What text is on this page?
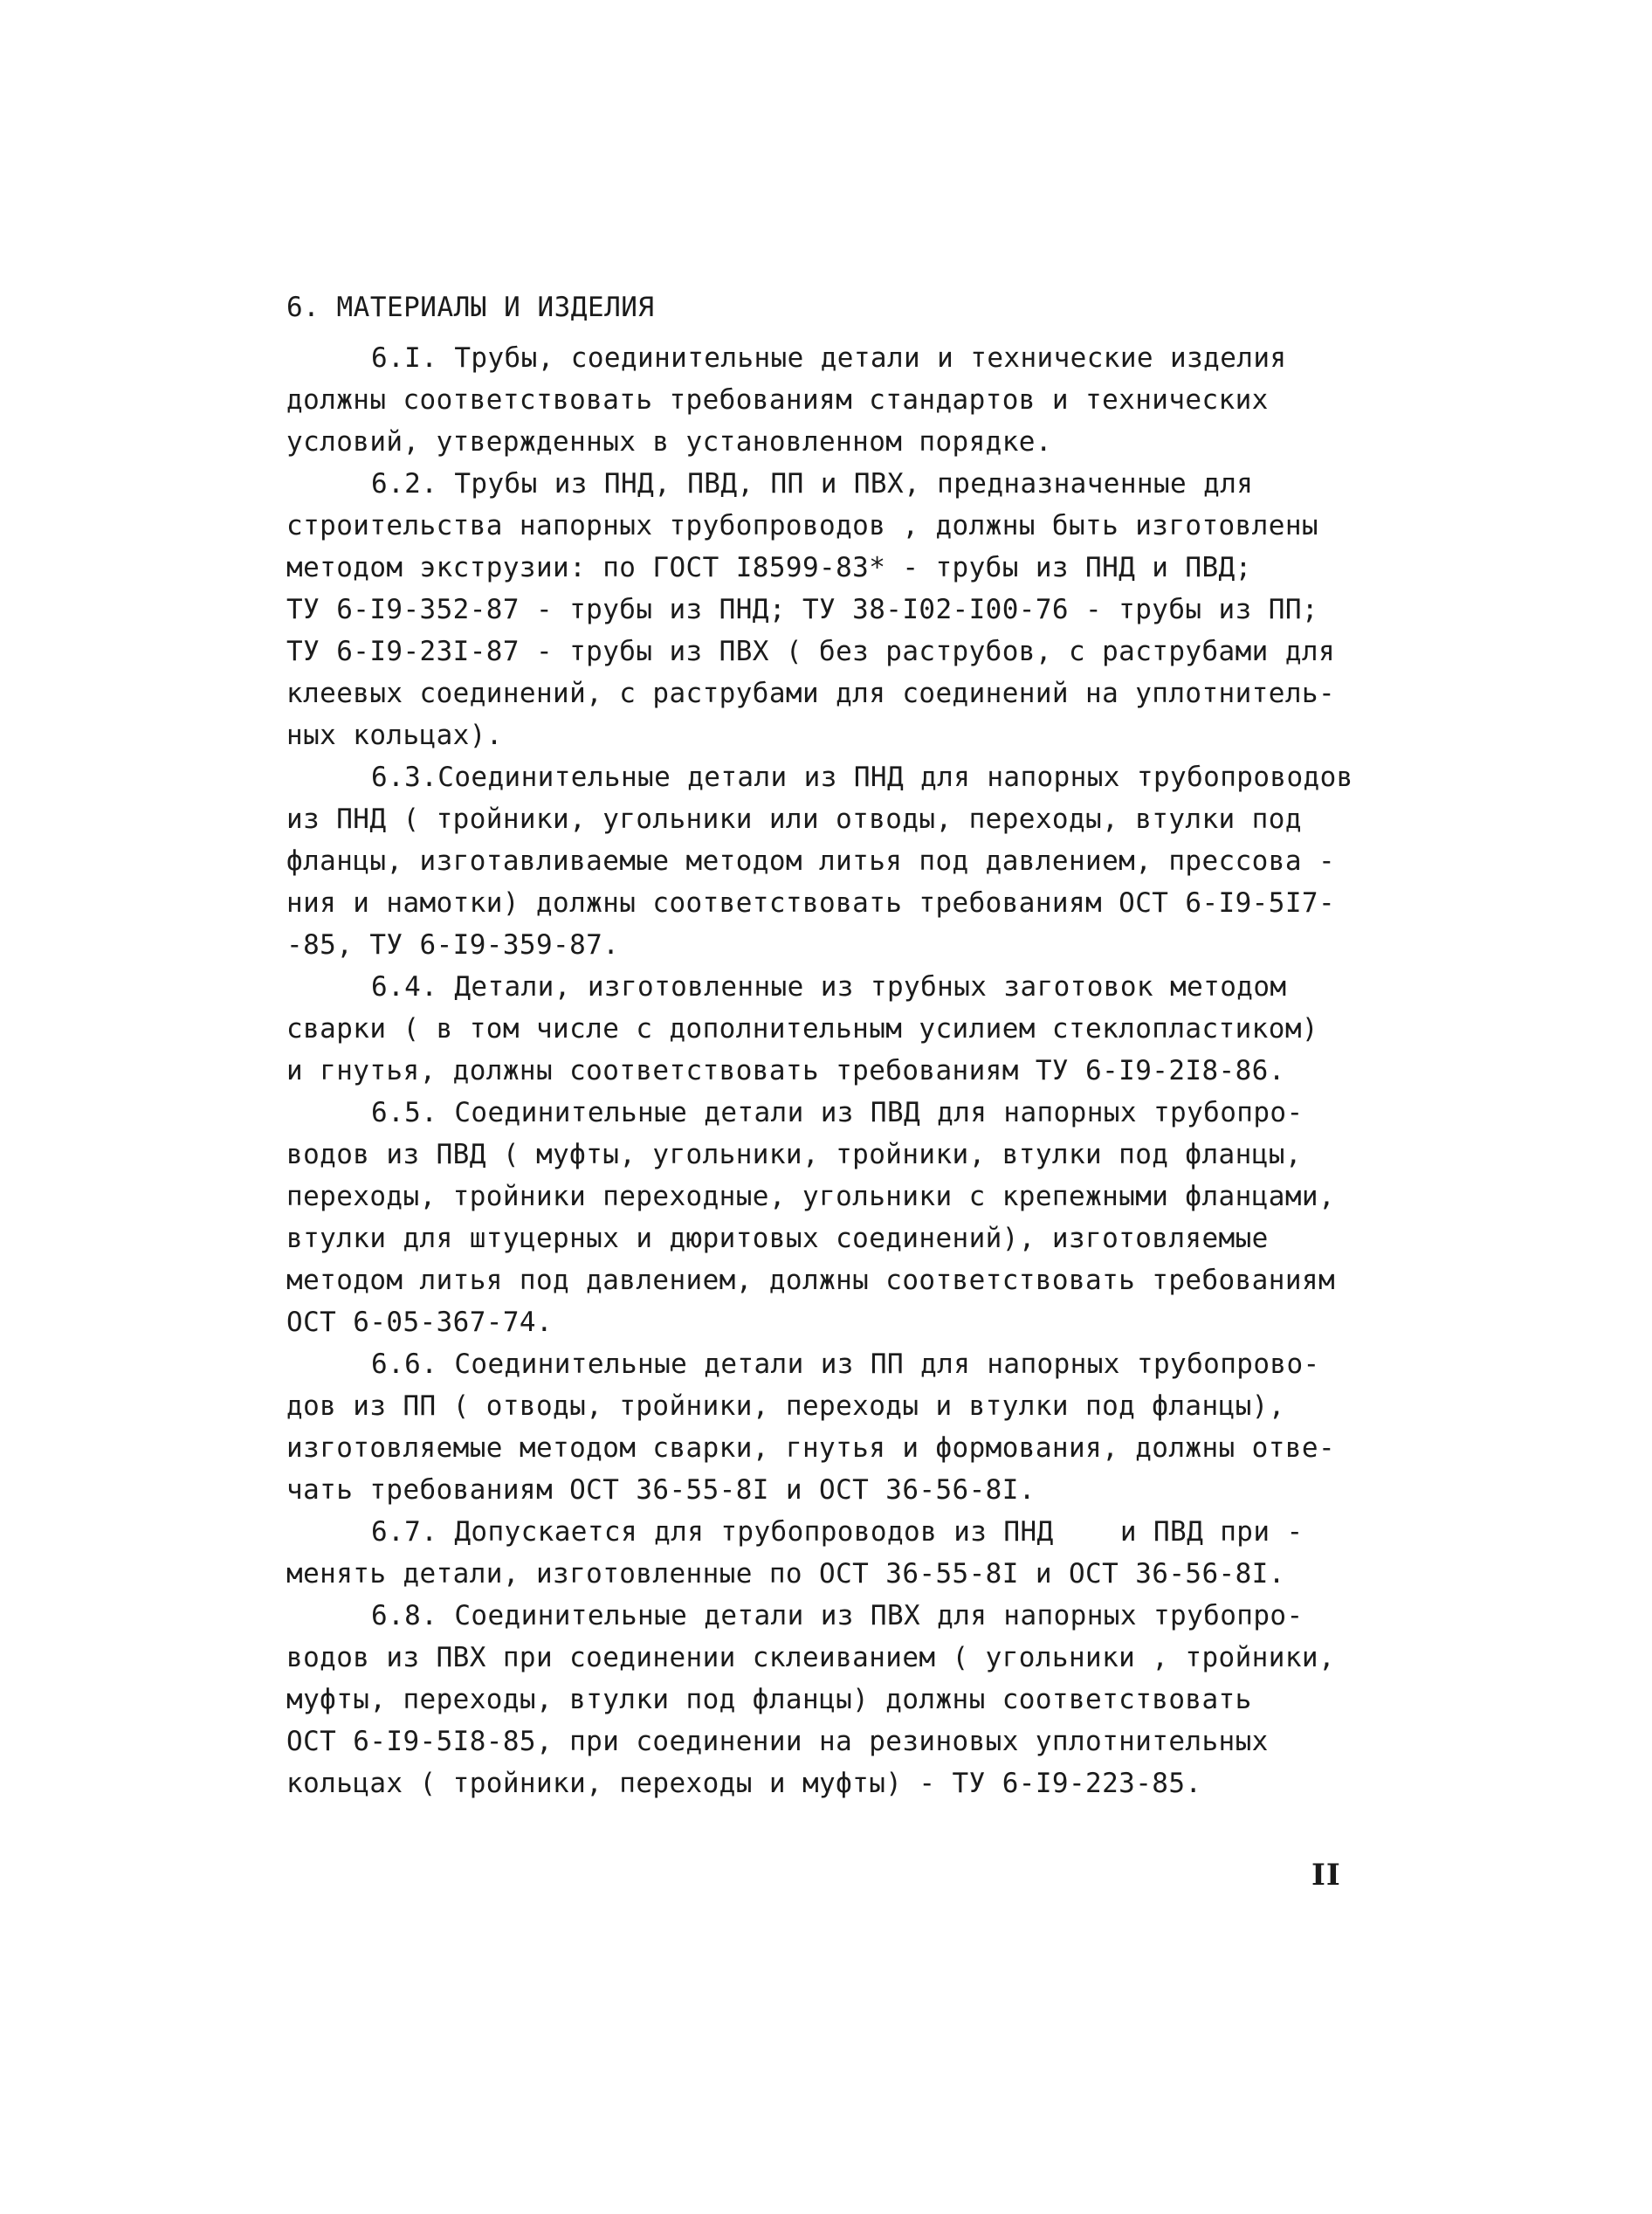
6. МАТЕРИАЛЫ И ИЗДЕЛИЯ
6.I. Трубы, соединительные детали и технические изделия
должны соответствовать требованиям стандартов и технических
условий, утвержденных в установленном порядке.
6.2. Трубы из ПНД, ПВД, ПП и ПВХ, предназначенные для
строительства напорных трубопроводов , должны быть изготовлены
методом экструзии: по ГОСТ I8599-83* - трубы из ПНД и ПВД;
ТУ 6-I9-352-87 - трубы из ПНД; ТУ 38-I02-I00-76 - трубы из ПП;
ТУ 6-I9-23I-87 - трубы из ПВХ ( без раструбов, с раструбами для
клеевых соединений, с раструбами для соединений на уплотнитель-
ных кольцах).
6.3.Соединительные детали из ПНД для напорных трубопроводов
из ПНД ( тройники, угольники или отводы, переходы, втулки под
фланцы, изготавливаемые методом литья под давлением, прессова -
ния и намотки) должны соответствовать требованиям ОСТ 6-I9-5I7-
-85, ТУ 6-I9-359-87.
6.4. Детали, изготовленные из трубных заготовок методом
сварки ( в том числе с дополнительным усилием стеклопластиком)
и гнутья, должны соответствовать требованиям ТУ 6-I9-2I8-86.
6.5. Соединительные детали из ПВД для напорных трубопро-
водов из ПВД ( муфты, угольники, тройники, втулки под фланцы,
переходы, тройники переходные, угольники с крепежными фланцами,
втулки для штуцерных и дюритовых соединений), изготовляемые
методом литья под давлением, должны соответствовать требованиям
ОСТ 6-05-367-74.
6.6. Соединительные детали из ПП для напорных трубопрово-
дов из ПП ( отводы, тройники, переходы и втулки под фланцы),
изготовляемые методом сварки, гнутья и формования, должны отве-
чать требованиям ОСТ 36-55-8I и ОСТ 36-56-8I.
6.7. Допускается для трубопроводов из ПНД    и ПВД при -
менять детали, изготовленные по ОСТ 36-55-8I и ОСТ 36-56-8I.
6.8. Соединительные детали из ПВХ для напорных трубопро-
водов из ПВХ при соединении склеиванием ( угольники , тройники,
муфты, переходы, втулки под фланцы) должны соответствовать
ОСТ 6-I9-5I8-85, при соединении на резиновых уплотнительных
кольцах ( тройники, переходы и муфты) - ТУ 6-I9-223-85.
II
